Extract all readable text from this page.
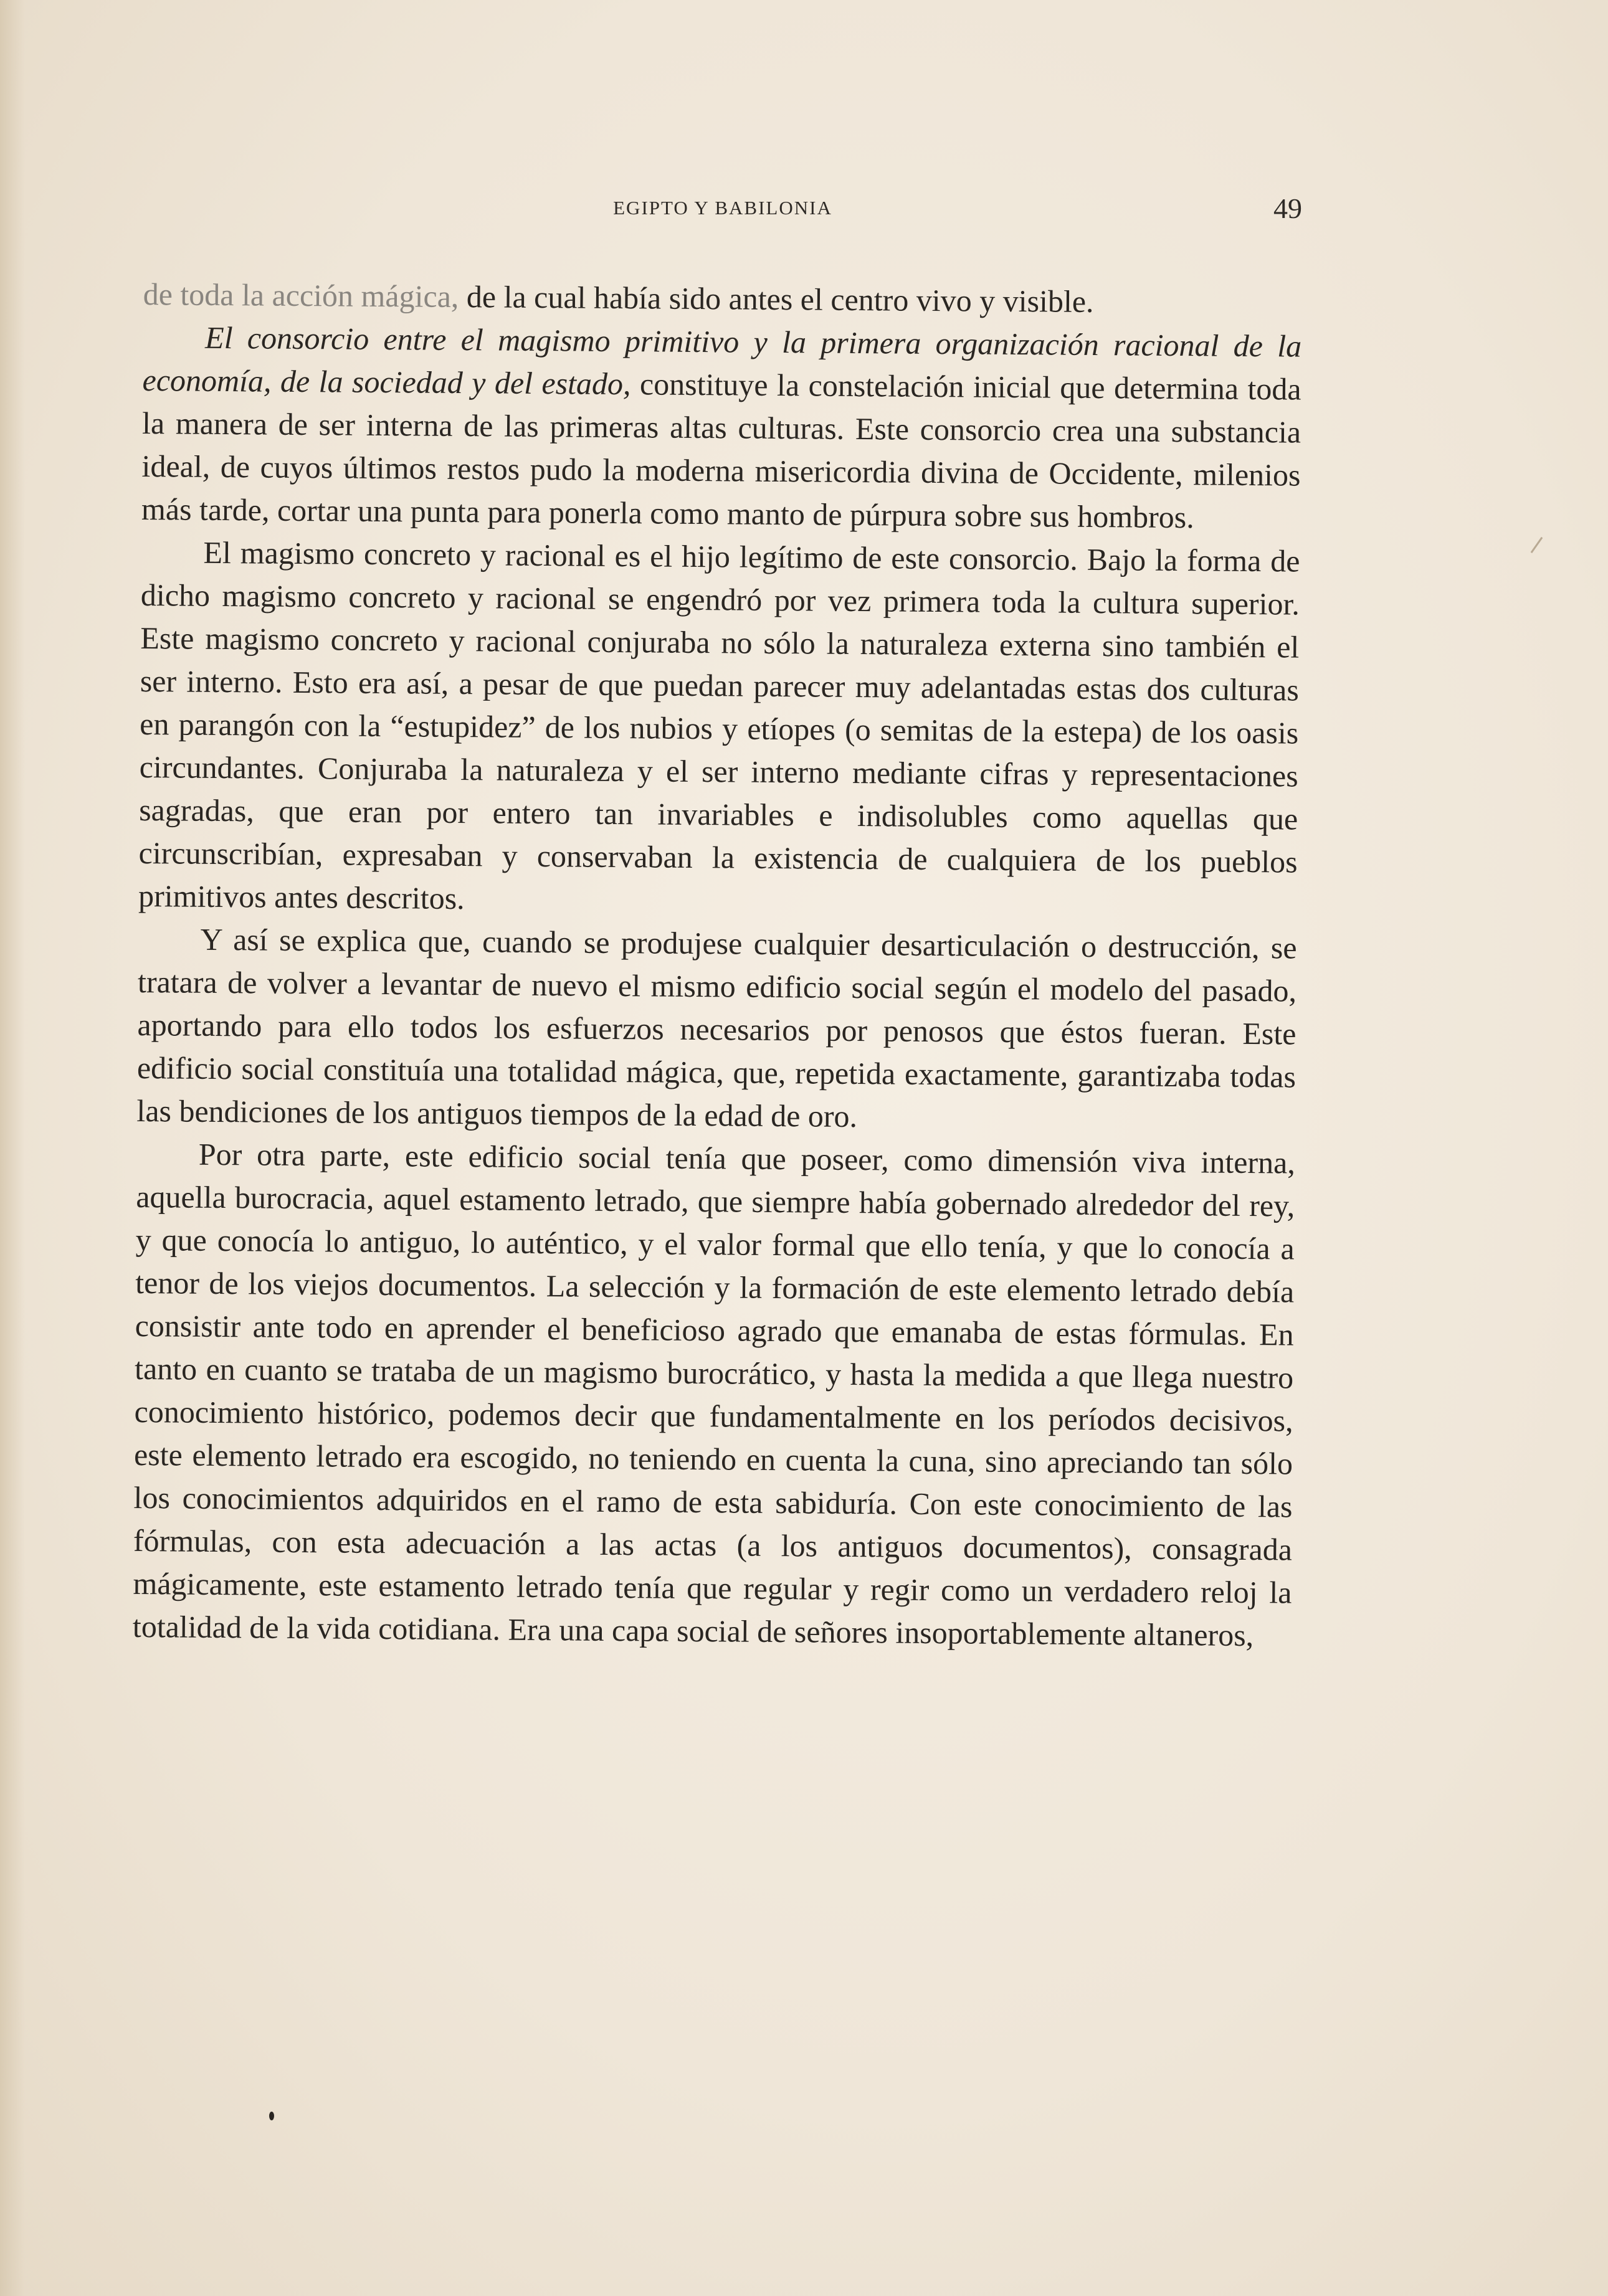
EGIPTO Y BABILONIA	49

de toda la acción mágica, de la cual había sido antes el centro vivo y visible.

El consorcio entre el magismo primitivo y la primera organización racional de la economía, de la sociedad y del estado, constituye la constelación inicial que determina toda la manera de ser interna de las primeras altas culturas. Este consorcio crea una substancia ideal, de cuyos últimos restos pudo la moderna misericordia divina de Occidente, milenios más tarde, cortar una punta para ponerla como manto de púrpura sobre sus hombros.

El magismo concreto y racional es el hijo legítimo de este consorcio. Bajo la forma de dicho magismo concreto y racional se engendró por vez primera toda la cultura superior. Este magismo concreto y racional conjuraba no sólo la naturaleza externa sino también el ser interno. Esto era así, a pesar de que puedan parecer muy adelantadas estas dos culturas en parangón con la “estupidez” de los nubios y etíopes (o semitas de la estepa) de los oasis circundantes. Conjuraba la naturaleza y el ser interno mediante cifras y representaciones sagradas, que eran por entero tan invariables e indisolubles como aquellas que circunscribían, expresaban y conservaban la existencia de cualquiera de los pueblos primitivos antes descritos.

Y así se explica que, cuando se produjese cualquier desarticulación o destrucción, se tratara de volver a levantar de nuevo el mismo edificio social según el modelo del pasado, aportando para ello todos los esfuerzos necesarios por penosos que éstos fueran. Este edificio social constituía una totalidad mágica, que, repetida exactamente, garantizaba todas las bendiciones de los antiguos tiempos de la edad de oro.

Por otra parte, este edificio social tenía que poseer, como dimensión viva interna, aquella burocracia, aquel estamento letrado, que siempre había gobernado alrededor del rey, y que conocía lo antiguo, lo auténtico, y el valor formal que ello tenía, y que lo conocía a tenor de los viejos documentos. La selección y la formación de este elemento letrado debía consistir ante todo en aprender el beneficioso agrado que emanaba de estas fórmulas. En tanto en cuanto se trataba de un magismo burocrático, y hasta la medida a que llega nuestro conocimiento histórico, podemos decir que fundamentalmente en los períodos decisivos, este elemento letrado era escogido, no teniendo en cuenta la cuna, sino apreciando tan sólo los conocimientos adquiridos en el ramo de esta sabiduría. Con este conocimiento de las fórmulas, con esta adecuación a las actas (a los antiguos documentos), consagrada mágicamente, este estamento letrado tenía que regular y regir como un verdadero reloj la totalidad de la vida cotidiana. Era una capa social de señores insoportablemente altaneros,
